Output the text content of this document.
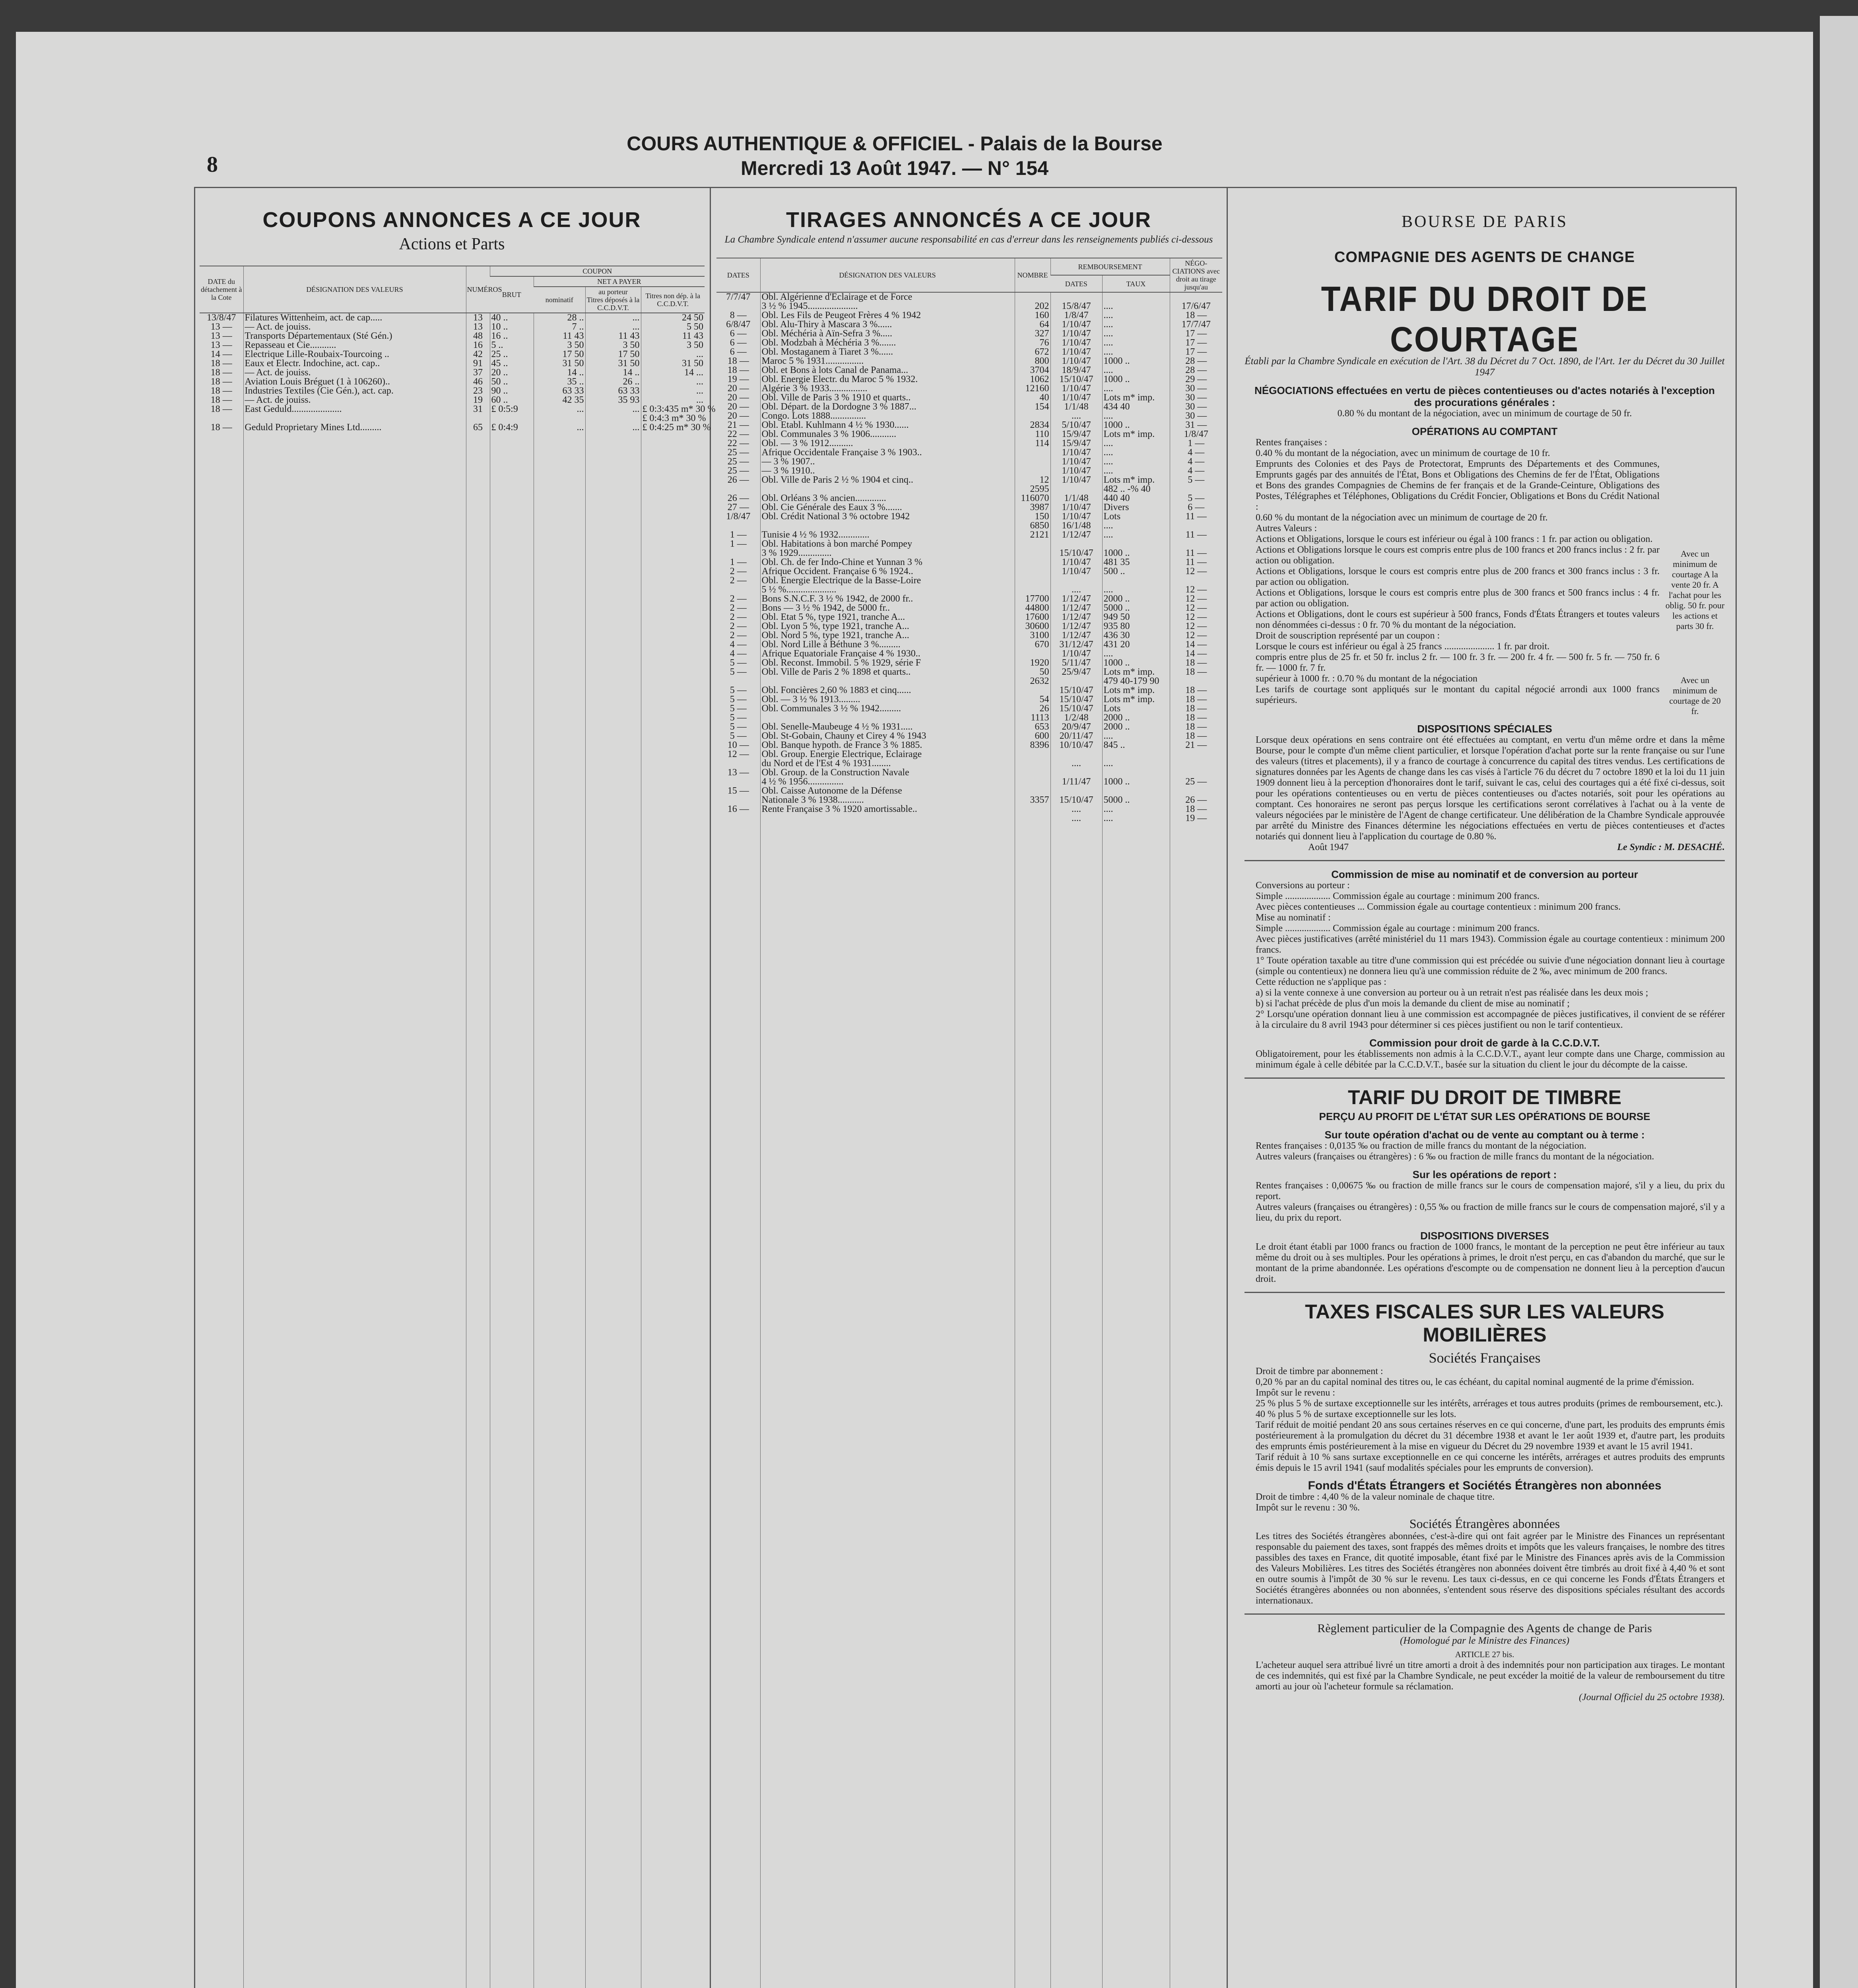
8
COURS AUTHENTIQUE & OFFICIEL - Palais de la Bourse
Mercredi 13 Août 1947. — N° 154
COUPONS ANNONCES A CE JOUR
Actions et Parts
DATE du détachement à la Cote	DÉSIGNATION DES VALEURS	NUMÉROS	COUPON			
			BRUT	NET A PAYER		
				nominatif	au porteur
Titres déposés à la C.C.D.V.T.	Titres non dép. à la C.C.D.V.T.
13/8/47	Filatures Wittenheim, act. de cap.....	13	40 ..	28 ..	...	24 50
13 —	— Act. de jouiss.	13	10 ..	7 ..	...	5 50
13 —	Transports Départementaux (Sté Gén.)	48	16 ..	11 43	11 43	11 43
13 —	Repasseau et Cie...........	16	5 ..	3 50	3 50	3 50
14 —	Electrique Lille-Roubaix-Tourcoing ..	42	25 ..	17 50	17 50	...
18 —	Eaux et Electr. Indochine, act. cap..	91	45 ..	31 50	31 50	31 50
18 —	— Act. de jouiss.	37	20 ..	14 ..	14 ..	14 ...
18 —	Aviation Louis Bréguet (1 à 106260)..	46	50 ..	35 ..	26 ..	...
18 —	Industries Textiles (Cie Gén.), act. cap.	23	90 ..	63 33	63 33	...
18 —	— Act. de jouiss.	19	60 ..	42 35	35 93	...
18 —	East Geduld.....................	31	£ 0:5:9	...	...	£ 0:3:435 m* 30 %
						£ 0:4:3 m* 30 %
18 —	Geduld Proprietary Mines Ltd.........	65	£ 0:4:9	...	...	£ 0:4:25 m* 30 %

TIRAGES ANNONCÉS A CE JOUR
La Chambre Syndicale entend n'assumer aucune responsabilité en cas d'erreur dans les renseignements publiés ci-dessous
DATES	DÉSIGNATION DES VALEURS	NOMBRE	REMBOURSEMENT		NÉGO-CIATIONS avec droit au tirage jusqu'au
			DATES	TAUX	
7/7/47	Obl. Algérienne d'Eclairage et de Force				
	3 ½ % 1945.....................	202	15/8/47	....	17/6/47
8 —	Obl. Les Fils de Peugeot Frères 4 % 1942	160	1/8/47	....	18 —
6/8/47	Obl. Alu-Thiry à Mascara 3 %......	64	1/10/47	....	17/7/47
6 —	Obl. Méchéria à Aïn-Sefra 3 %.....	327	1/10/47	....	17 —
6 —	Obl. Modzbah à Méchéria 3 %.......	76	1/10/47	....	17 —
6 —	Obl. Mostaganem à Tiaret 3 %......	672	1/10/47	....	17 —
18 —	Maroc 5 % 1931................	800	1/10/47	1000 ..	28 —
18 —	Obl. et Bons à lots Canal de Panama...	3704	18/9/47	....	28 —
19 —	Obl. Energie Electr. du Maroc 5 % 1932.	1062	15/10/47	1000 ..	29 —
20 —	Algérie 3 % 1933................	12160	1/10/47	....	30 —
20 —	Obl. Ville de Paris 3 % 1910 et quarts..	40	1/10/47	Lots m* imp.	30 —
20 —	Obl. Départ. de la Dordogne 3 % 1887...	154	1/1/48	434 40	30 —
20 —	Congo. Lots 1888...............		....	....	30 —
21 —	Obl. Etabl. Kuhlmann 4 ½ % 1930......	2834	5/10/47	1000 ..	31 —
22 —	Obl. Communales 3 % 1906...........	110	15/9/47	Lots m* imp.	1/8/47
22 —	Obl. — 3 % 1912..........	114	15/9/47	....	1 —
25 —	Afrique Occidentale Française 3 % 1903..		1/10/47	....	4 —
25 —	— 3 % 1907..		1/10/47	....	4 —
25 —	— 3 % 1910..		1/10/47	....	4 —
26 —	Obl. Ville de Paris 2 ½ % 1904 et cinq..	12	1/10/47	Lots m* imp.	5 —
		2595		482 .. -% 40	
26 —	Obl. Orléans 3 % ancien.............	116070	1/1/48	440 40	5 —
27 —	Obl. Cie Générale des Eaux 3 %.......	3987	1/10/47	Divers	6 —
1/8/47	Obl. Crédit National 3 % octobre 1942	150	1/10/47	Lots	11 —
		6850	16/1/48	....	
1 —	Tunisie 4 ½ % 1932.............	2121	1/12/47	....	11 —
1 —	Obl. Habitations à bon marché Pompey				
	3 % 1929..............		15/10/47	1000 ..	11 —
1 —	Obl. Ch. de fer Indo-Chine et Yunnan 3 %		1/10/47	481 35	11 —
2 —	Afrique Occident. Française 6 % 1924..		1/10/47	500 ..	12 —
2 —	Obl. Energie Electrique de la Basse-Loire				
	5 ½ %.....................		....	....	12 —
2 —	Bons S.N.C.F. 3 ½ % 1942, de 2000 fr..	17700	1/12/47	2000 ..	12 —
2 —	Bons — 3 ½ % 1942, de 5000 fr..	44800	1/12/47	5000 ..	12 —
2 —	Obl. Etat 5 %, type 1921, tranche A...	17600	1/12/47	949 50	12 —
2 —	Obl. Lyon 5 %, type 1921, tranche A...	30600	1/12/47	935 80	12 —
2 —	Obl. Nord 5 %, type 1921, tranche A...	3100	1/12/47	436 30	12 —
4 —	Obl. Nord Lille à Béthune 3 %.........	670	31/12/47	431 20	14 —
4 —	Afrique Equatoriale Française 4 % 1930..		1/10/47	....	14 —
5 —	Obl. Reconst. Immobil. 5 % 1929, série F	1920	5/11/47	1000 ..	18 —
5 —	Obl. Ville de Paris 2 % 1898 et quarts..	50	25/9/47	Lots m* imp.	18 —
		2632		479 40-179 90	
5 —	Obl. Foncières 2,60 % 1883 et cinq......		15/10/47	Lots m* imp.	18 —
5 —	Obl. — 3 ½ % 1913.........	54	15/10/47	Lots m* imp.	18 —
5 —	Obl. Communales 3 ½ % 1942.........	26	15/10/47	Lots	18 —
5 —		1113	1/2/48	2000 ..	18 —
5 —	Obl. Senelle-Maubeuge 4 ½ % 1931.....	653	20/9/47	2000 ..	18 —
5 —	Obl. St-Gobain, Chauny et Cirey 4 % 1943	600	20/11/47	....	18 —
10 —	Obl. Banque hypoth. de France 3 % 1885.	8396	10/10/47	845 ..	21 —
12 —	Obl. Group. Energie Electrique, Eclairage				
	du Nord et de l'Est 4 % 1931........		....	....	
13 —	Obl. Group. de la Construction Navale				
	4 ½ % 1956...............		1/11/47	1000 ..	25 —
15 —	Obl. Caisse Autonome de la Défense				
	Nationale 3 % 1938...........	3357	15/10/47	5000 ..	26 —
16 —	Rente Française 3 % 1920 amortissable..		....	....	18 —
			....	....	19 —

BOURSE DE PARIS
COMPAGNIE DES AGENTS DE CHANGE
TARIF DU DROIT DE COURTAGE
Établi par la Chambre Syndicale en exécution de l'Art. 38 du Décret du 7 Oct. 1890, de l'Art. 1er du Décret du 30 Juillet 1947
NÉGOCIATIONS effectuées en vertu de pièces contentieuses ou d'actes notariés à l'exception des procurations générales :
0.80 % du montant de la négociation, avec un minimum de courtage de 50 fr.
OPÉRATIONS AU COMPTANT
Rentes françaises :
0.40 % du montant de la négociation, avec un minimum de courtage de 10 fr.
Emprunts des Colonies et des Pays de Protectorat, Emprunts des Départements et des Communes, Emprunts gagés par des annuités de l'État, Bons et Obligations des Chemins de fer de l'État, Obligations et Bons des grandes Compagnies de Chemins de fer français et de la Grande-Ceinture, Obligations des Postes, Télégraphes et Téléphones, Obligations du Crédit Foncier, Obligations et Bons du Crédit National :
0.60 % du montant de la négociation avec un minimum de courtage de 20 fr.
Autres Valeurs :
Actions et Obligations, lorsque le cours est inférieur ou égal à 100 francs : 1 fr. par action ou obligation.
Actions et Obligations lorsque le cours est compris entre plus de 100 francs et 200 francs inclus : 2 fr. par action ou obligation.
Actions et Obligations, lorsque le cours est compris entre plus de 200 francs et 300 francs inclus : 3 fr. par action ou obligation.
Actions et Obligations, lorsque le cours est compris entre plus de 300 francs et 500 francs inclus : 4 fr. par action ou obligation.
Actions et Obligations, dont le cours est supérieur à 500 francs, Fonds d'États Étrangers et toutes valeurs non dénommées ci-dessus : 0 fr. 70 % du montant de la négociation.
Droit de souscription représenté par un coupon :
Lorsque le cours est inférieur ou égal à 25 francs ..................... 1 fr. par droit.
compris entre plus de 25 fr. et 50 fr. inclus 2 fr. — 100 fr. 3 fr. — 200 fr. 4 fr. — 500 fr. 5 fr. — 750 fr. 6 fr. — 1000 fr. 7 fr.
supérieur à 1000 fr. : 0.70 % du montant de la négociation
Les tarifs de courtage sont appliqués sur le montant du capital négocié arrondi aux 1000 francs supérieurs.
Avec un minimum de courtage A la vente 20 fr. A l'achat pour les oblig. 50 fr. pour les actions et parts 30 fr.
Avec un minimum de courtage de 20 fr.
DISPOSITIONS SPÉCIALES
Lorsque deux opérations en sens contraire ont été effectuées au comptant, en vertu d'un même ordre et dans la même Bourse, pour le compte d'un même client particulier, et lorsque l'opération d'achat porte sur la rente française ou sur l'une des valeurs (titres et placements), il y a franco de courtage à concurrence du capital des titres vendus. Les certifications de signatures données par les Agents de change dans les cas visés à l'article 76 du décret du 7 octobre 1890 et la loi du 11 juin 1909 donnent lieu à la perception d'honoraires dont le tarif, suivant le cas, celui des courtages qui a été fixé ci-dessus, soit pour les opérations contentieuses ou en vertu de pièces contentieuses ou d'actes notariés, soit pour les opérations au comptant. Ces honoraires ne seront pas perçus lorsque les certifications seront corrélatives à l'achat ou à la vente de valeurs négociées par le ministère de l'Agent de change certificateur. Une délibération de la Chambre Syndicale approuvée par arrêté du Ministre des Finances détermine les négociations effectuées en vertu de pièces contentieuses et d'actes notariés qui donnent lieu à l'application du courtage de 0.80 %.
Août 1947	Le Syndic : M. DESACHÉ.
Commission de mise au nominatif et de conversion au porteur
Conversions au porteur :
Simple ................... Commission égale au courtage : minimum 200 francs.
Avec pièces contentieuses ... Commission égale au courtage contentieux : minimum 200 francs.
Mise au nominatif :
Simple ................... Commission égale au courtage : minimum 200 francs.
Avec pièces justificatives (arrêté ministériel du 11 mars 1943). Commission égale au courtage contentieux : minimum 200 francs.
1° Toute opération taxable au titre d'une commission qui est précédée ou suivie d'une négociation donnant lieu à courtage (simple ou contentieux) ne donnera lieu qu'à une commission réduite de 2 ‰, avec minimum de 200 francs.
Cette réduction ne s'applique pas :
a) si la vente connexe à une conversion au porteur ou à un retrait n'est pas réalisée dans les deux mois ;
b) si l'achat précède de plus d'un mois la demande du client de mise au nominatif ;
2° Lorsqu'une opération donnant lieu à une commission est accompagnée de pièces justificatives, il convient de se référer à la circulaire du 8 avril 1943 pour déterminer si ces pièces justifient ou non le tarif contentieux.
Commission pour droit de garde à la C.C.D.V.T.
Obligatoirement, pour les établissements non admis à la C.C.D.V.T., ayant leur compte dans une Charge, commission au minimum égale à celle débitée par la C.C.D.V.T., basée sur la situation du client le jour du décompte de la caisse.
TARIF DU DROIT DE TIMBRE
PERÇU AU PROFIT DE L'ÉTAT SUR LES OPÉRATIONS DE BOURSE
Sur toute opération d'achat ou de vente au comptant ou à terme :
Rentes françaises : 0,0135 ‰ ou fraction de mille francs du montant de la négociation.
Autres valeurs (françaises ou étrangères) : 6 ‰ ou fraction de mille francs du montant de la négociation.
Sur les opérations de report :
Rentes françaises : 0,00675 ‰ ou fraction de mille francs sur le cours de compensation majoré, s'il y a lieu, du prix du report.
Autres valeurs (françaises ou étrangères) : 0,55 ‰ ou fraction de mille francs sur le cours de compensation majoré, s'il y a lieu, du prix du report.
DISPOSITIONS DIVERSES
Le droit étant établi par 1000 francs ou fraction de 1000 francs, le montant de la perception ne peut être inférieur au taux même du droit ou à ses multiples. Pour les opérations à primes, le droit n'est perçu, en cas d'abandon du marché, que sur le montant de la prime abandonnée. Les opérations d'escompte ou de compensation ne donnent lieu à la perception d'aucun droit.
TAXES FISCALES SUR LES VALEURS MOBILIÈRES
Sociétés Françaises
Droit de timbre par abonnement :
0,20 % par an du capital nominal des titres ou, le cas échéant, du capital nominal augmenté de la prime d'émission.
Impôt sur le revenu :
25 % plus 5 % de surtaxe exceptionnelle sur les intérêts, arrérages et tous autres produits (primes de remboursement, etc.).
40 % plus 5 % de surtaxe exceptionnelle sur les lots.
Tarif réduit de moitié pendant 20 ans sous certaines réserves en ce qui concerne, d'une part, les produits des emprunts émis postérieurement à la promulgation du décret du 31 décembre 1938 et avant le 1er août 1939 et, d'autre part, les produits des emprunts émis postérieurement à la mise en vigueur du Décret du 29 novembre 1939 et avant le 15 avril 1941.
Tarif réduit à 10 % sans surtaxe exceptionnelle en ce qui concerne les intérêts, arrérages et autres produits des emprunts émis depuis le 15 avril 1941 (sauf modalités spéciales pour les emprunts de conversion).
Fonds d'États Étrangers et Sociétés Étrangères non abonnées
Droit de timbre : 4,40 % de la valeur nominale de chaque titre.
Impôt sur le revenu : 30 %.
Sociétés Étrangères abonnées
Les titres des Sociétés étrangères abonnées, c'est-à-dire qui ont fait agréer par le Ministre des Finances un représentant responsable du paiement des taxes, sont frappés des mêmes droits et impôts que les valeurs françaises, le nombre des titres passibles des taxes en France, dit quotité imposable, étant fixé par le Ministre des Finances après avis de la Commission des Valeurs Mobilières. Les titres des Sociétés étrangères non abonnées doivent être timbrés au droit fixé à 4,40 % et sont en outre soumis à l'impôt de 30 % sur le revenu. Les taux ci-dessus, en ce qui concerne les Fonds d'États Étrangers et Sociétés étrangères abonnées ou non abonnées, s'entendent sous réserve des dispositions spéciales résultant des accords internationaux.
Règlement particulier de la Compagnie des Agents de change de Paris
(Homologué par le Ministre des Finances)
ARTICLE 27 bis.
L'acheteur auquel sera attribué livré un titre amorti a droit à des indemnités pour non participation aux tirages. Le montant de ces indemnités, qui est fixé par la Chambre Syndicale, ne peut excéder la moitié de la valeur de remboursement du titre amorti au jour où l'acheteur formule sa réclamation.
(Journal Officiel du 25 octobre 1938).
